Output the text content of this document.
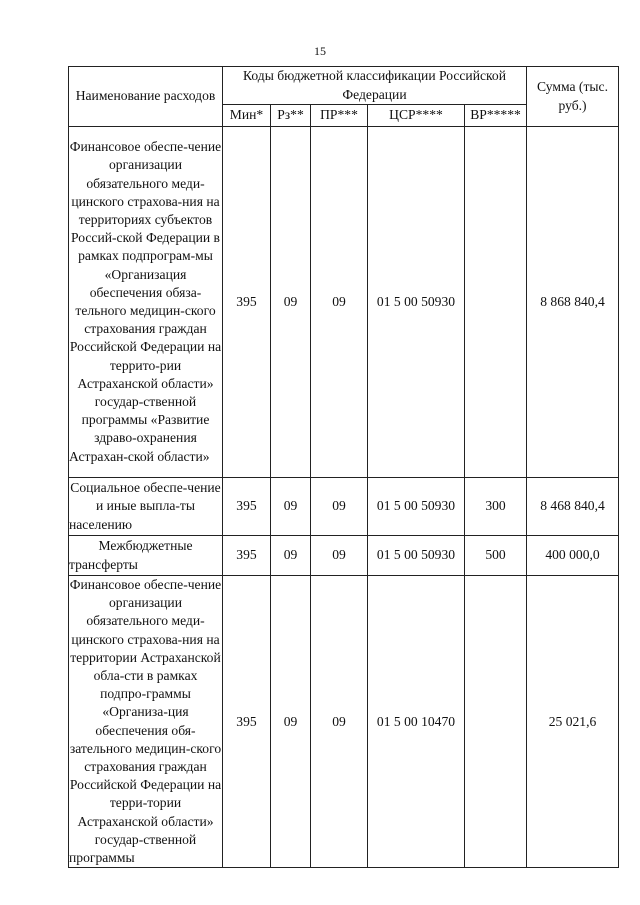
15
Наименование расходов	Коды бюджетной классификации Российской Федерации					Сумма (тыс. руб.)
	Мин*	Рз**	ПР***	ЦСР****	ВР*****	
Финансовое обеспе-чение организации обязательного меди-цинского страхова-ния на территориях субъектов Россий-ской Федерации в рамках подпрограм-мы «Организация обеспечения обяза-тельного медицин-ского страхования граждан Российской Федерации на террито-рии Астраханской области» государ-ственной программы «Развитие здраво-охранения Астрахан-ской области»	395	09	09	01 5 00 50930		8 868 840,4
Социальное обеспе-чение и иные выпла-ты населению	395	09	09	01 5 00 50930	300	8 468 840,4
Межбюджетные трансферты	395	09	09	01 5 00 50930	500	400 000,0
Финансовое обеспе-чение организации обязательного меди-цинского страхова-ния на территории Астраханской обла-сти в рамках подпро-граммы «Организа-ция обеспечения обя-зательного медицин-ского страхования граждан Российской Федерации на терри-тории Астраханской области» государ-ственной программы	395	09	09	01 5 00 10470		25 021,6
